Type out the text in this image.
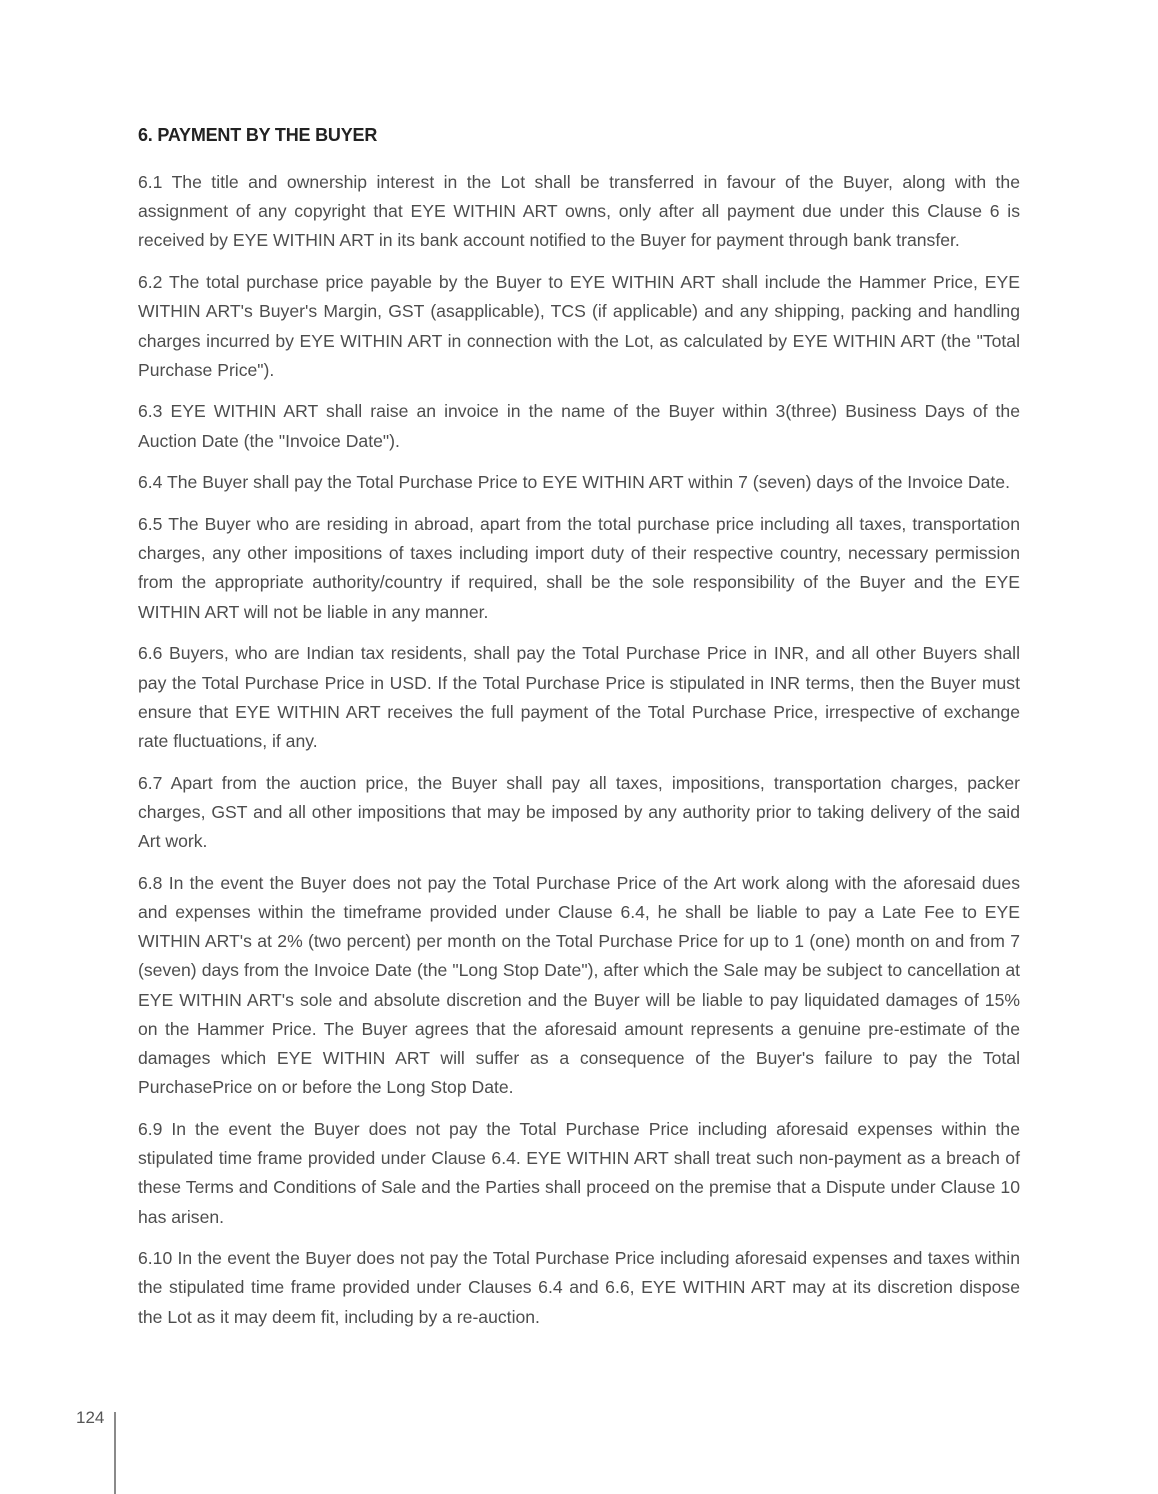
6. PAYMENT BY THE BUYER

6.1 The title and ownership interest in the Lot shall be transferred in favour of the Buyer, along with the assignment of any copyright that EYE WITHIN ART owns, only after all payment due under this Clause 6 is received by EYE WITHIN ART in its bank account notified to the Buyer for payment through bank transfer.

6.2 The total purchase price payable by the Buyer to EYE WITHIN ART shall include the Hammer Price, EYE WITHIN ART's Buyer's Margin, GST (asapplicable), TCS (if applicable) and any shipping, packing and handling charges incurred by EYE WITHIN ART in connection with the Lot, as calculated by EYE WITHIN ART (the "Total Purchase Price").

6.3 EYE WITHIN ART shall raise an invoice in the name of the Buyer within 3(three) Business Days of the Auction Date (the "Invoice Date").

6.4 The Buyer shall pay the Total Purchase Price to EYE WITHIN ART within 7 (seven) days of the Invoice Date.

6.5 The Buyer who are residing in abroad, apart from the total purchase price including all taxes, transportation charges, any other impositions of taxes including import duty of their respective country, necessary permission from the appropriate authority/country if required, shall be the sole responsibility of the Buyer and the EYE WITHIN ART will not be liable in any manner.

6.6 Buyers, who are Indian tax residents, shall pay the Total Purchase Price in INR, and all other Buyers shall pay the Total Purchase Price in USD. If the Total Purchase Price is stipulated in INR terms, then the Buyer must ensure that EYE WITHIN ART receives the full payment of the Total Purchase Price, irrespective of exchange rate fluctuations, if any.

6.7 Apart from the auction price, the Buyer shall pay all taxes, impositions, transportation charges, packer charges, GST and all other impositions that may be imposed by any authority prior to taking delivery of the said Art work.

6.8 In the event the Buyer does not pay the Total Purchase Price of the Art work along with the aforesaid dues and expenses within the timeframe provided under Clause 6.4, he shall be liable to pay a Late Fee to EYE WITHIN ART's at 2% (two percent) per month on the Total Purchase Price for up to 1 (one) month on and from 7 (seven) days from the Invoice Date (the "Long Stop Date"), after which the Sale may be subject to cancellation at EYE WITHIN ART's sole and absolute discretion and the Buyer will be liable to pay liquidated damages of 15% on the Hammer Price. The Buyer agrees that the aforesaid amount represents a genuine pre-estimate of the damages which EYE WITHIN ART will suffer as a consequence of the Buyer's failure to pay the Total PurchasePrice on or before the Long Stop Date.

6.9 In the event the Buyer does not pay the Total Purchase Price including aforesaid expenses within the stipulated time frame provided under Clause 6.4. EYE WITHIN ART shall treat such non-payment as a breach of these Terms and Conditions of Sale and the Parties shall proceed on the premise that a Dispute under Clause 10 has arisen.

6.10 In the event the Buyer does not pay the Total Purchase Price including aforesaid expenses and taxes within the stipulated time frame provided under Clauses 6.4 and 6.6, EYE WITHIN ART may at its discretion dispose the Lot as it may deem fit, including by a re-auction.

124
